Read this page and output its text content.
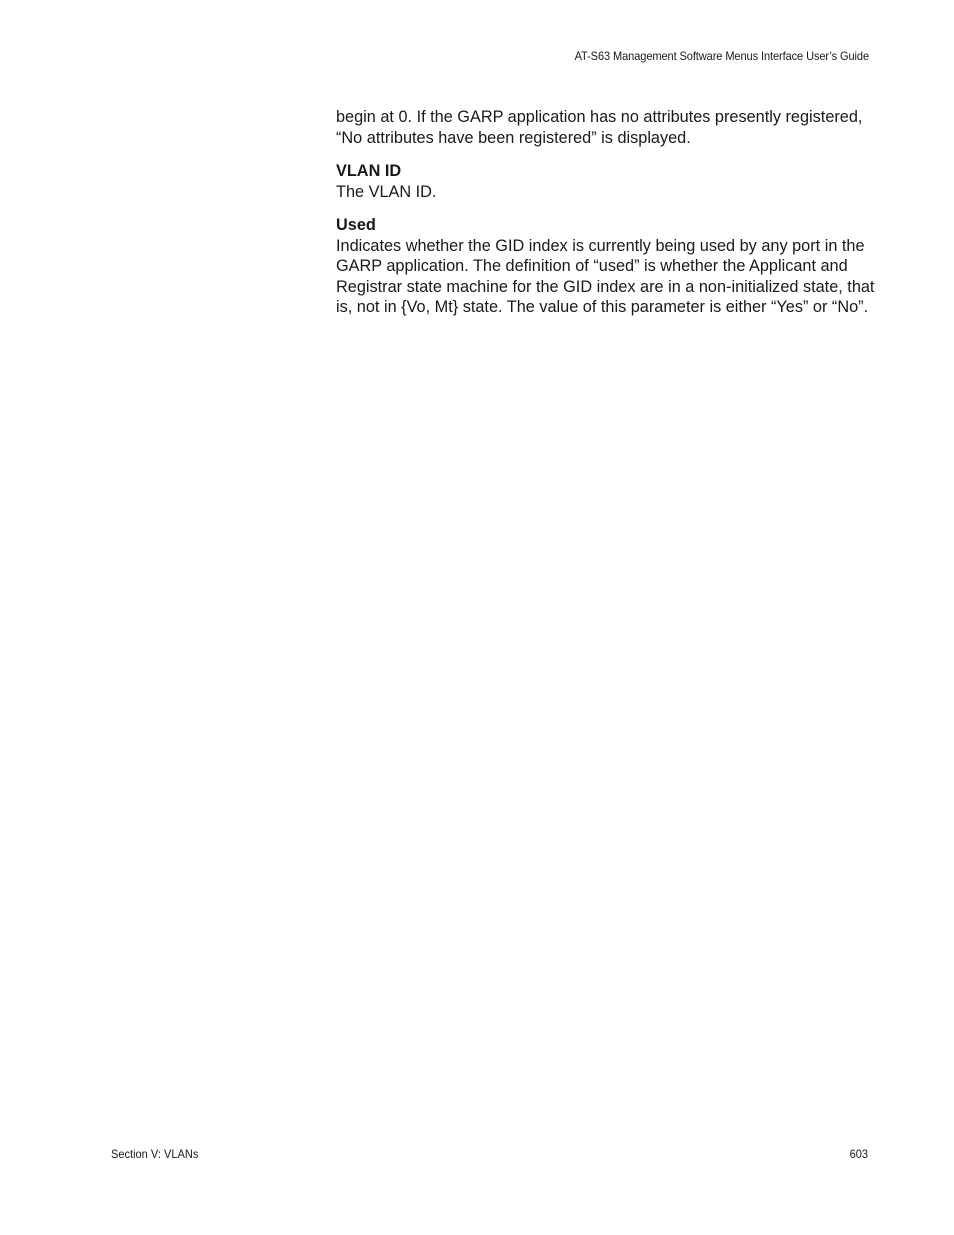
AT-S63 Management Software Menus Interface User’s Guide

begin at 0. If the GARP application has no attributes presently registered, “No attributes have been registered” is displayed.

VLAN ID

The VLAN ID.

Used

Indicates whether the GID index is currently being used by any port in the GARP application. The definition of “used” is whether the Applicant and Registrar state machine for the GID index are in a non-initialized state, that is, not in {Vo, Mt} state. The value of this parameter is either “Yes” or “No”.

Section V: VLANs	603
